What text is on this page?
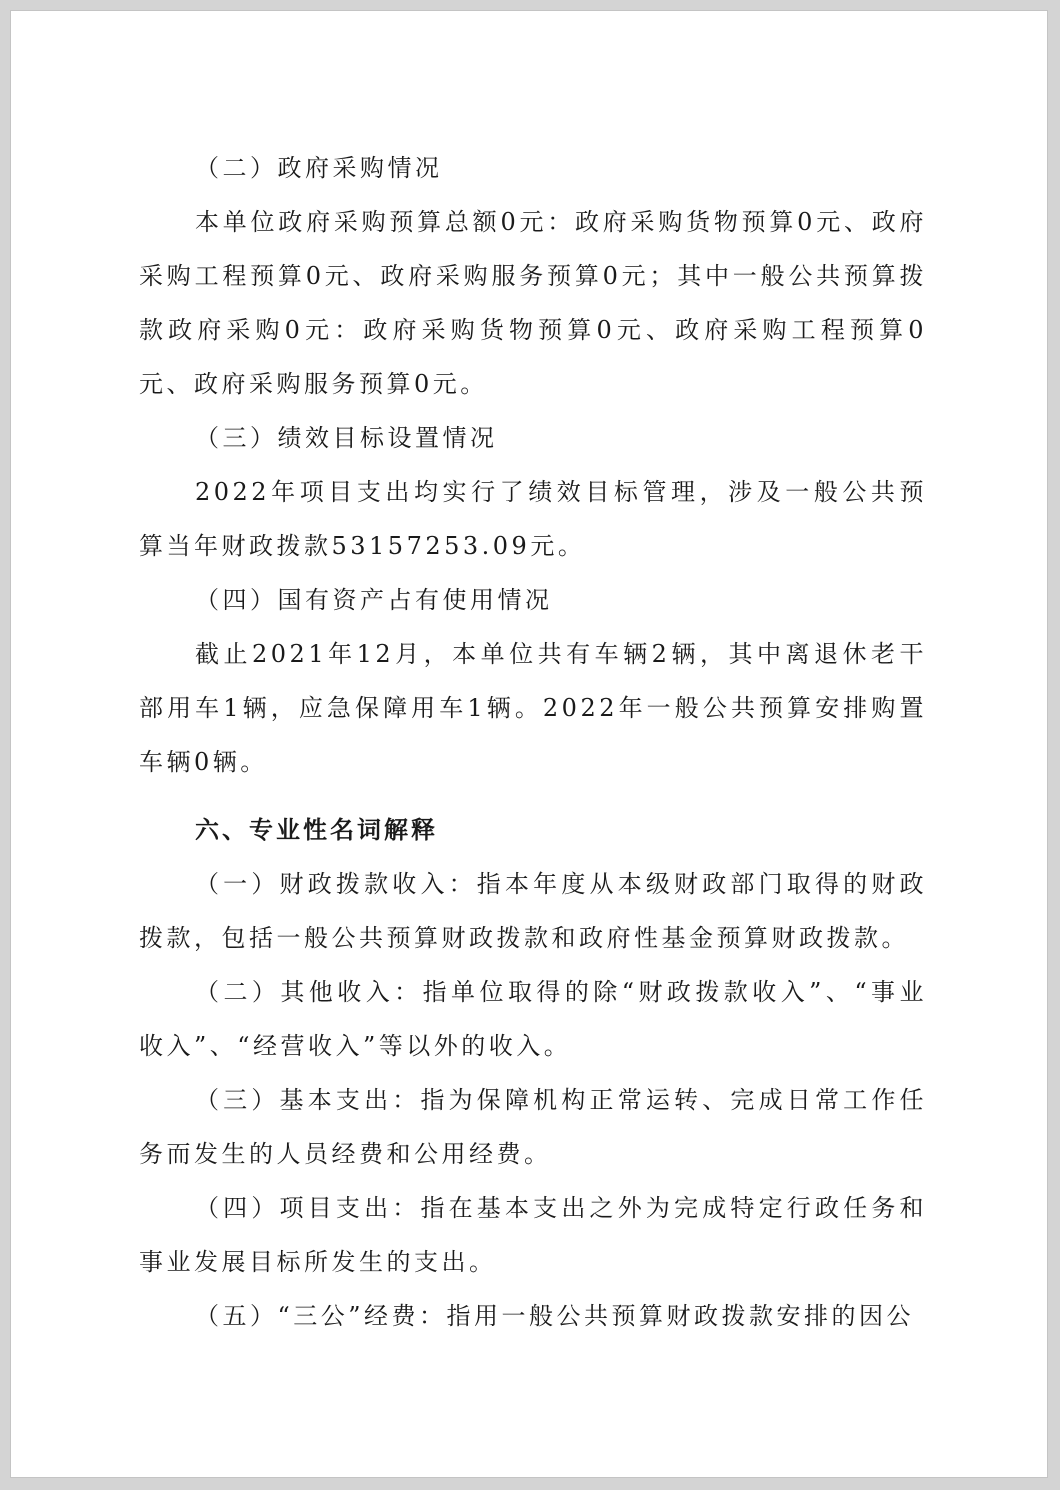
（二）政府采购情况

本单位政府采购预算总额0元：政府采购货物预算0元、政府采购工程预算0元、政府采购服务预算0元；其中一般公共预算拨款政府采购0元：政府采购货物预算0元、政府采购工程预算0元、政府采购服务预算0元。

（三）绩效目标设置情况

2022年项目支出均实行了绩效目标管理，涉及一般公共预算当年财政拨款53157253.09元。

（四）国有资产占有使用情况

截止2021年12月，本单位共有车辆2辆，其中离退休老干部用车1辆，应急保障用车1辆。2022年一般公共预算安排购置车辆0辆。

六、专业性名词解释

（一）财政拨款收入：指本年度从本级财政部门取得的财政拨款，包括一般公共预算财政拨款和政府性基金预算财政拨款。

（二）其他收入：指单位取得的除“财政拨款收入”、“事业收入”、“经营收入”等以外的收入。

（三）基本支出：指为保障机构正常运转、完成日常工作任务而发生的人员经费和公用经费。

（四）项目支出：指在基本支出之外为完成特定行政任务和事业发展目标所发生的支出。

（五）“三公”经费：指用一般公共预算财政拨款安排的因公
